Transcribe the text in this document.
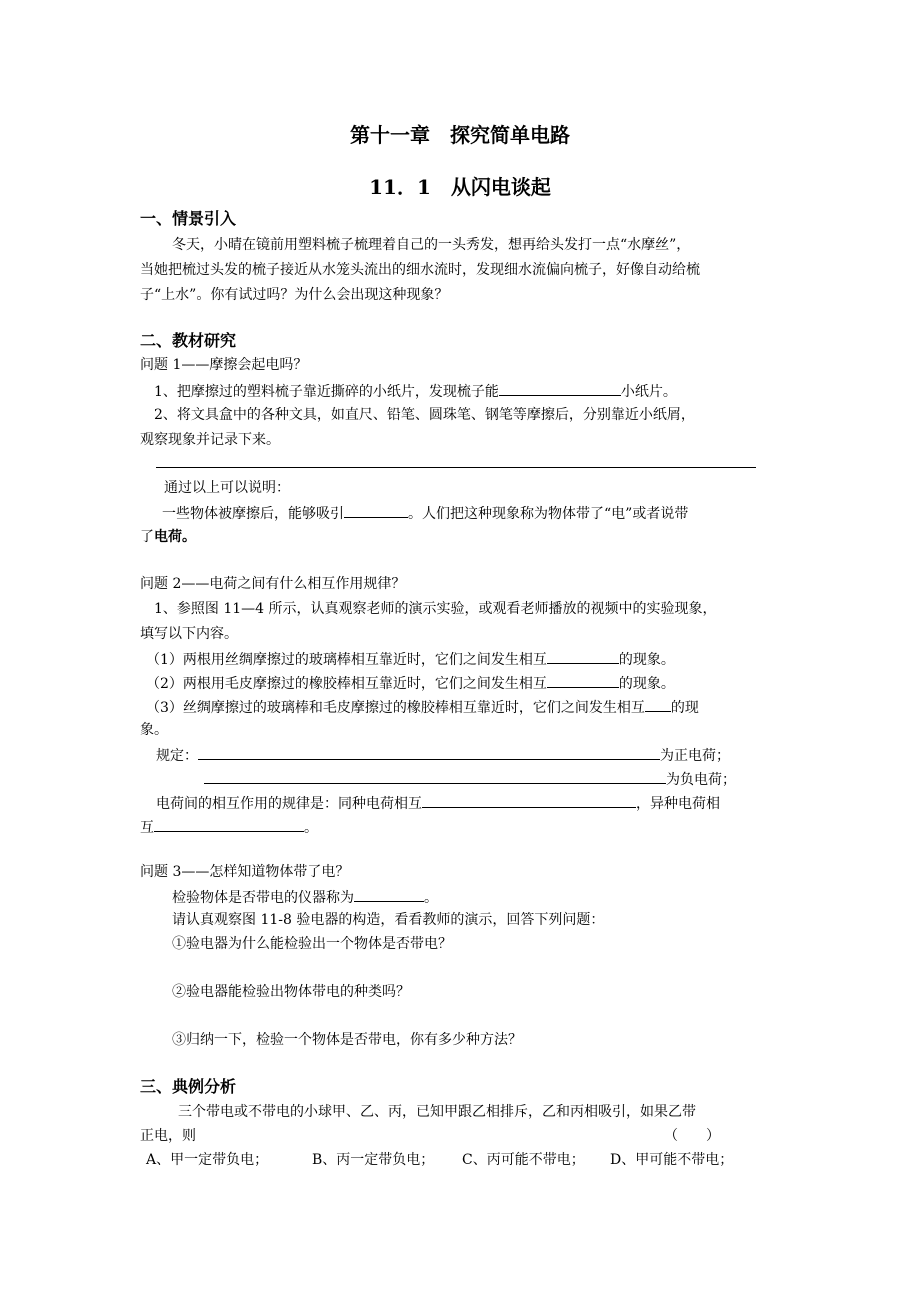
第十一章　探究简单电路
11．1　从闪电谈起
一、情景引入
冬天，小晴在镜前用塑料梳子梳理着自己的一头秀发，想再给头发打一点“水摩丝”，
当她把梳过头发的梳子接近从水笼头流出的细水流时，发现细水流偏向梳子，好像自动给梳
子“上水”。你有试过吗？为什么会出现这种现象？
二、教材研究
问题 1——摩擦会起电吗？
1、把摩擦过的塑料梳子靠近撕碎的小纸片，发现梳子能	小纸片。
2、将文具盒中的各种文具，如直尺、铅笔、圆珠笔、钢笔等摩擦后，分别靠近小纸屑，
观察现象并记录下来。
通过以上可以说明：
一些物体被摩擦后，能够吸引	。人们把这种现象称为物体带了“电”或者说带
了电荷。
问题 2——电荷之间有什么相互作用规律？
1、参照图 11—4 所示，认真观察老师的演示实验，或观看老师播放的视频中的实验现象，
填写以下内容。
（1）两根用丝绸摩擦过的玻璃棒相互靠近时，它们之间发生相互	的现象。
（2）两根用毛皮摩擦过的橡胶棒相互靠近时，它们之间发生相互	的现象。
（3）丝绸摩擦过的玻璃棒和毛皮摩擦过的橡胶棒相互靠近时，它们之间发生相互 的现
象。
规定：	为正电荷；
为负电荷；
电荷间的相互作用的规律是：同种电荷相互	，异种电荷相
互	。
问题 3——怎样知道物体带了电？
检验物体是否带电的仪器称为	。
请认真观察图 11-8 验电器的构造，看看教师的演示，回答下列问题：
①验电器为什么能检验出一个物体是否带电？
②验电器能检验出物体带电的种类吗？
③归纳一下，检验一个物体是否带电，你有多少种方法？
三、典例分析
三个带电或不带电的小球甲、乙、丙，已知甲跟乙相排斥，乙和丙相吸引，如果乙带
正电，则	（　　）
A、甲一定带负电；	B、丙一定带负电； C、丙可能不带电； D、甲可能不带电；
